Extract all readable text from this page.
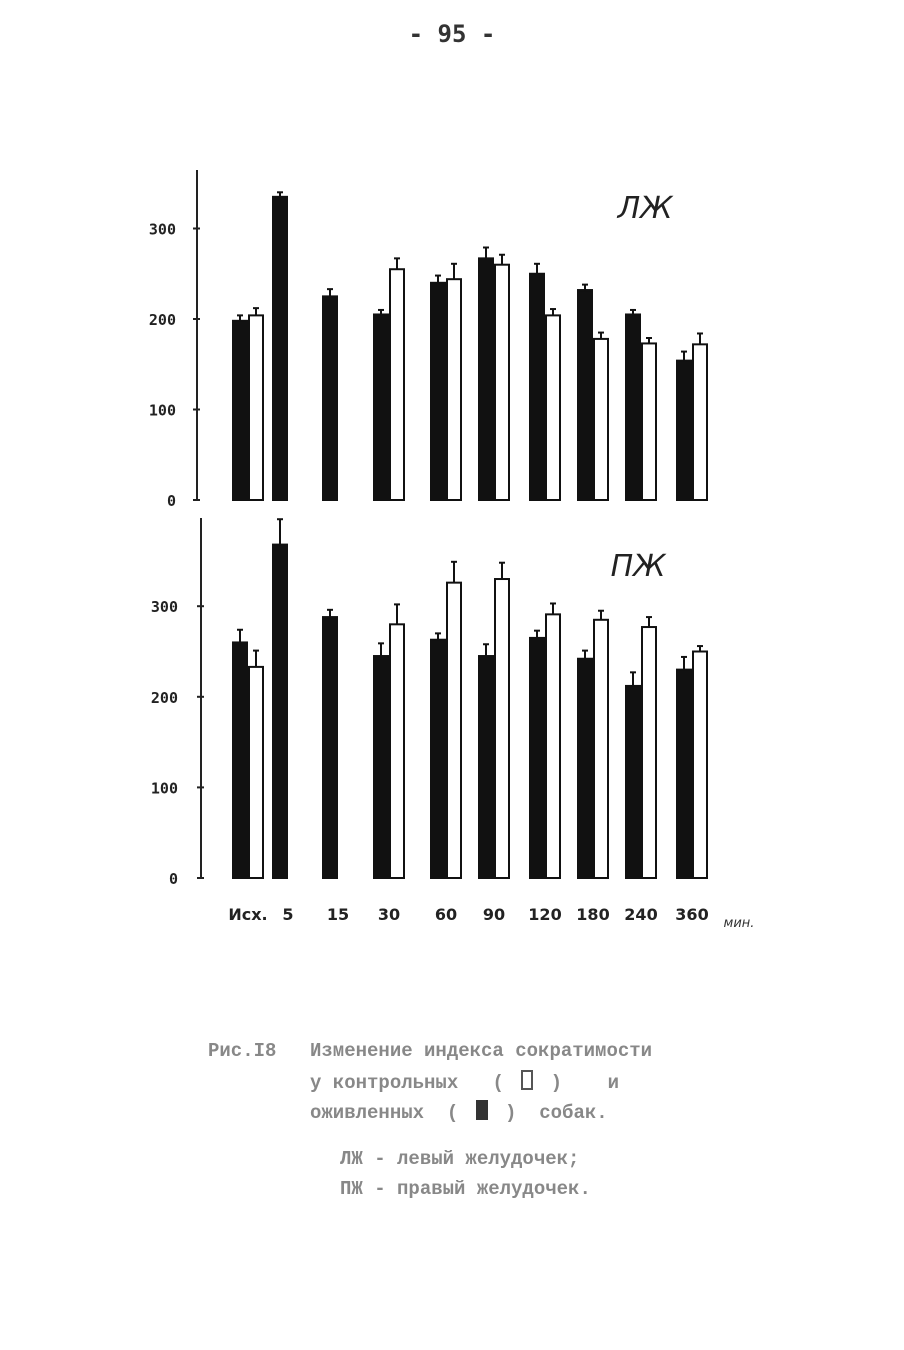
- 95 -
0
100
200
300
ЛЖ
0
100
200
300
ПЖ
Исх. 5 15 30 60 90 120 180 240 360 мин.
Рис.I8 Изменение индекса сократимости
у контрольных   (  )    и
оживленных  (  )  собак.
ЛЖ - левый желудочек;
ПЖ - правый желудочек.
